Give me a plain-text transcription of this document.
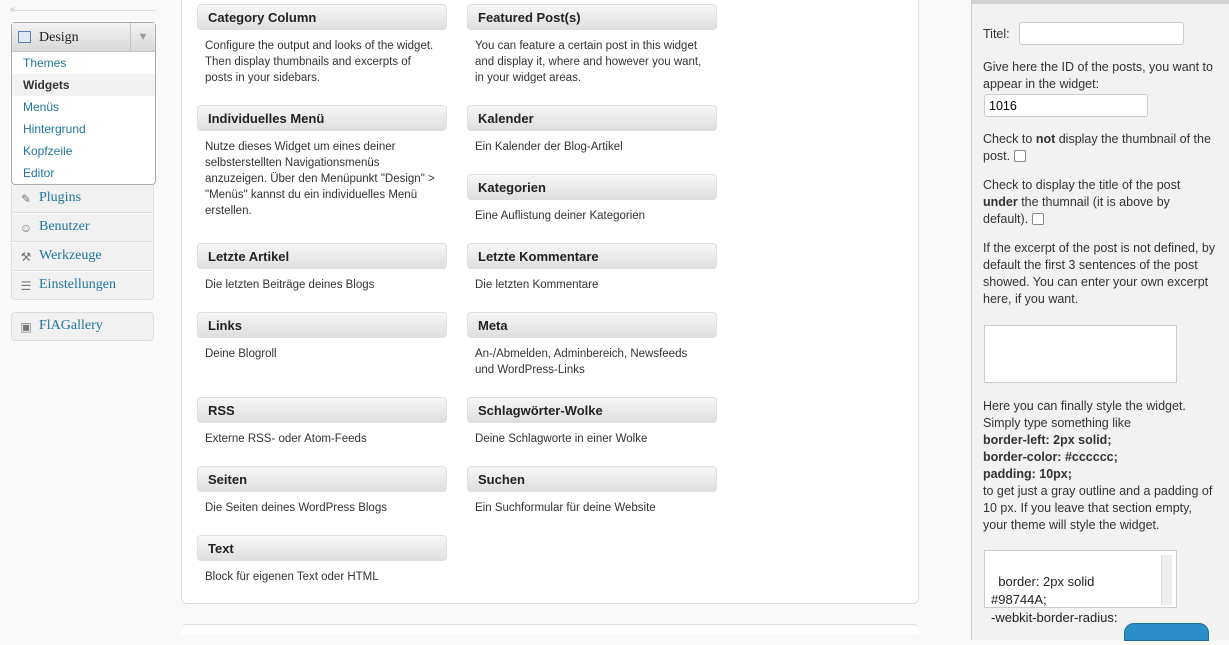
Design	▼
Themes
Widgets
Menüs
Hintergrund
Kopfzeile
Editor
✎ Plugins
☺ Benutzer
⚒ Werkzeuge
☰ Einstellungen
▣ FlAGallery
Category Column
Configure the output and looks of the widget. Then display thumbnails and excerpts of posts in your sidebars.
Featured Post(s)
You can feature a certain post in this widget and display it, where and however you want, in your widget areas.
Individuelles Menü
Nutze dieses Widget um eines deiner selbsterstellten Navigationsmenüs anzuzeigen. Über den Menüpunkt "Design" > "Menüs" kannst du ein individuelles Menü erstellen.
Kalender
Ein Kalender der Blog-Artikel
Kategorien
Eine Auflistung deiner Kategorien
Letzte Artikel
Die letzten Beiträge deines Blogs
Letzte Kommentare
Die letzten Kommentare
Links
Deine Blogroll
Meta
An-/Abmelden, Adminbereich, Newsfeeds und WordPress-Links
RSS
Externe RSS- oder Atom-Feeds
Schlagwörter-Wolke
Deine Schlagworte in einer Wolke
Seiten
Die Seiten deines WordPress Blogs
Suchen
Ein Suchformular für deine Website
Text
Block für eigenen Text oder HTML
Titel:
Give here the ID of the posts, you want to appear in the widget:
1016
Check to not display the thumbnail of the post.
Check to display the title of the post under the thumnail (it is above by default).
If the excerpt of the post is not defined, by default the first 3 sentences of the post showed. You can enter your own excerpt here, if you want.
Here you can finally style the widget. Simply type something like
border-left: 2px solid;
border-color: #cccccc;
padding: 10px;
to get just a gray outline and a padding of 10 px. If you leave that section empty, your theme will style the widget.

border: 2px solid
#98744A;
-webkit-border-radius:
